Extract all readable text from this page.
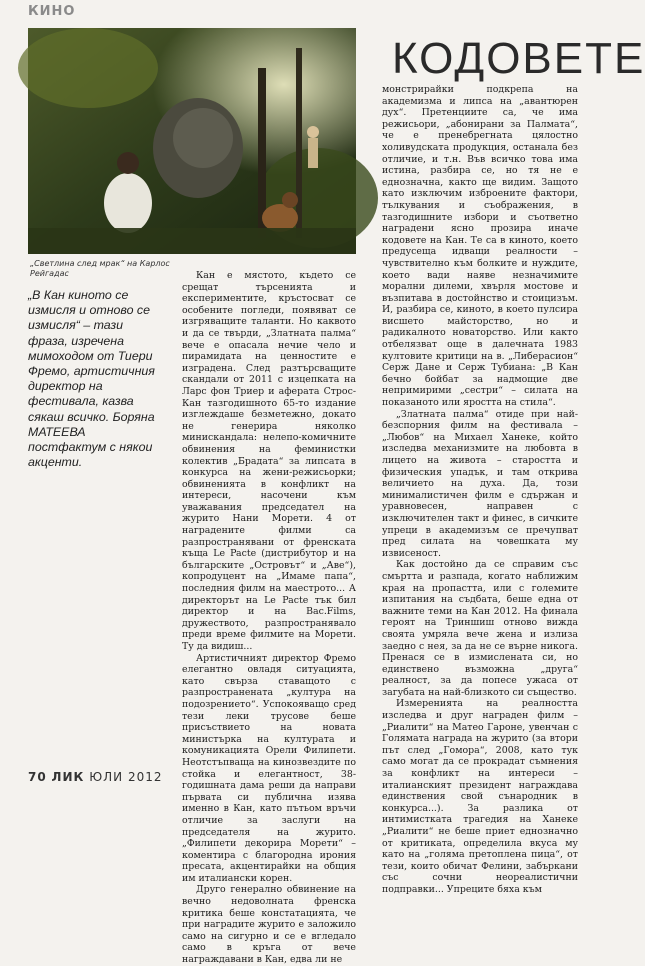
КИНО
„Светлина след мрак“ на Карлос Рейгадас
КОДОВЕТЕ
„В Кан киното се измисля и отново се измисля“ – тази фраза, изречена мимоходом от Тиери Фремо, артистичния директор на фестивала, казва сякаш всичко. Боряна МАТЕЕВА постфактум с някои акценти.

Кан е мястото, където се срещат търсенията и експериментите, кръстосват се особените погледи, появяват се изгряващите таланти. Но каквото и да се твърди, „Златната палма“ вече е опасала нечие чело и пирамидата на ценностите е изградена. След разтърсващите скандали от 2011 с изцепката на Ларс фон Триер и аферата Строс-Кан тазгодишното 65-то издание изглеждаше безметежно, докато не генерира няколко минискандала: нелепо-комичните обвинения на феминистки колектив „Брадата“ за липсата в конкурса на жени-режисьорки; обвиненията в конфликт на интереси, насочени към уважавания председател на журито Нани Морети. 4 от наградените филми са разпространявани от френската къща Le Pacte (дистрибутор и на българските „Островът“ и „Аве“), копродуцент на „Имаме папа“, последния филм на маестрото... А директорът на Le Pacte тък бил директор и на Bac.Films, дружеството, разпространявало преди време филмите на Морети. Ту да видиш...

Артистичният директор Фремо елегантно овладя ситуацията, като свърза ставащото с разпространената „култура на подозрението“. Успокояващо сред тези леки трусове беше присъствието на новата министърка на културата и комуникацията Орели Филипети. Неотстъпваща на кинозвездите по стойка и елегантност, 38-годишната дама реши да направи първата си публична изява именно в Кан, като пътьом връчи отличие за заслуги на председателя на журито. „Филипети декорира Морети“ – коментира с благородна ирония пресата, акцентирайки на общия им италиански корен.

Друго генерално обвинение на вечно недоволната френска критика беше констатацията, че при наградите журито е заложило само на сигурно и се е вгледало само в кръга от вече награждавани в Кан, едва ли не

монстрирайки подкрепа на академизма и липса на „авантюрен дух“. Претенциите са, че има режисьори, „абонирани за Палмата“, че е пренебрегната цялостно холивудската продукция, останала без отличие, и т.н. Във всичко това има истина, разбира се, но тя не е еднозначна, както ще видим. Защото като изключим изброените фактори, тълкувания и съображения, в тазгодишните избори и съответно наградени ясно прозира иначе кодовете на Кан. Те са в киното, което предусеща идващи реалности – чувствително към болките и нуждите, което вади наяве незначимите морални дилеми, хвърля мостове и възпитава в достойнство и стоицизъм. И, разбира се, киното, в което пулсира висшето майсторство, но и радикалното новаторство. Или както отбелязват още в далечната 1983 култовите критици на в. „Либерасион“ Серж Дане и Серж Тубиана: „В Кан бечно бойбат за надмощие две непримирими „сестри“ – силата на показаното или яростта на стила“.

„Златната палма“ отиде при най-безспорния филм на фестивала – „Любов“ на Михаел Ханеке, който изследва механизмите на любовта в лицето на живота – старостта и физическия упадък, и там открива величието на духа. Да, този минималистичен филм е сдържан и уравновесен, направен с изключителен такт и финес, в сичките упреци в академизъм се пречупват пред силата на човешката му извисеност.

Как достойно да се справим със смъртта и разпада, когато наближим края на пропастта, или с големите изпитания на съдбата, беше една от важните теми на Кан 2012. На финала героят на Триншиш отново вижда своята умряла вече жена и излиза заедно с нея, за да не се върне никога. Пренася се в измислената си, но единствено възможна „друга“ реалност, за да попесе ужаса от загубата на най-близкото си същество.

Измеренията на реалността изследва и друг награден филм – „Риалити“ на Матео Гароне, увенчан с Голямата награда на журито (за втори път след „Гомора“, 2008, като тук само могат да се прокрадат съмнения за конфликт на интереси – италианският президент награждава единствения свой сънародник в конкурса...). За разлика от интимистката трагедия на Ханеке „Риалити“ не беше приет еднозначно от критиката, определила вкуса му като на „голяма претоплена пица“, от тези, които обичат Фелини, забъркани със сочни неореалистични подправки... Упреците бяха към

70 ЛИК ЮЛИ 2012
